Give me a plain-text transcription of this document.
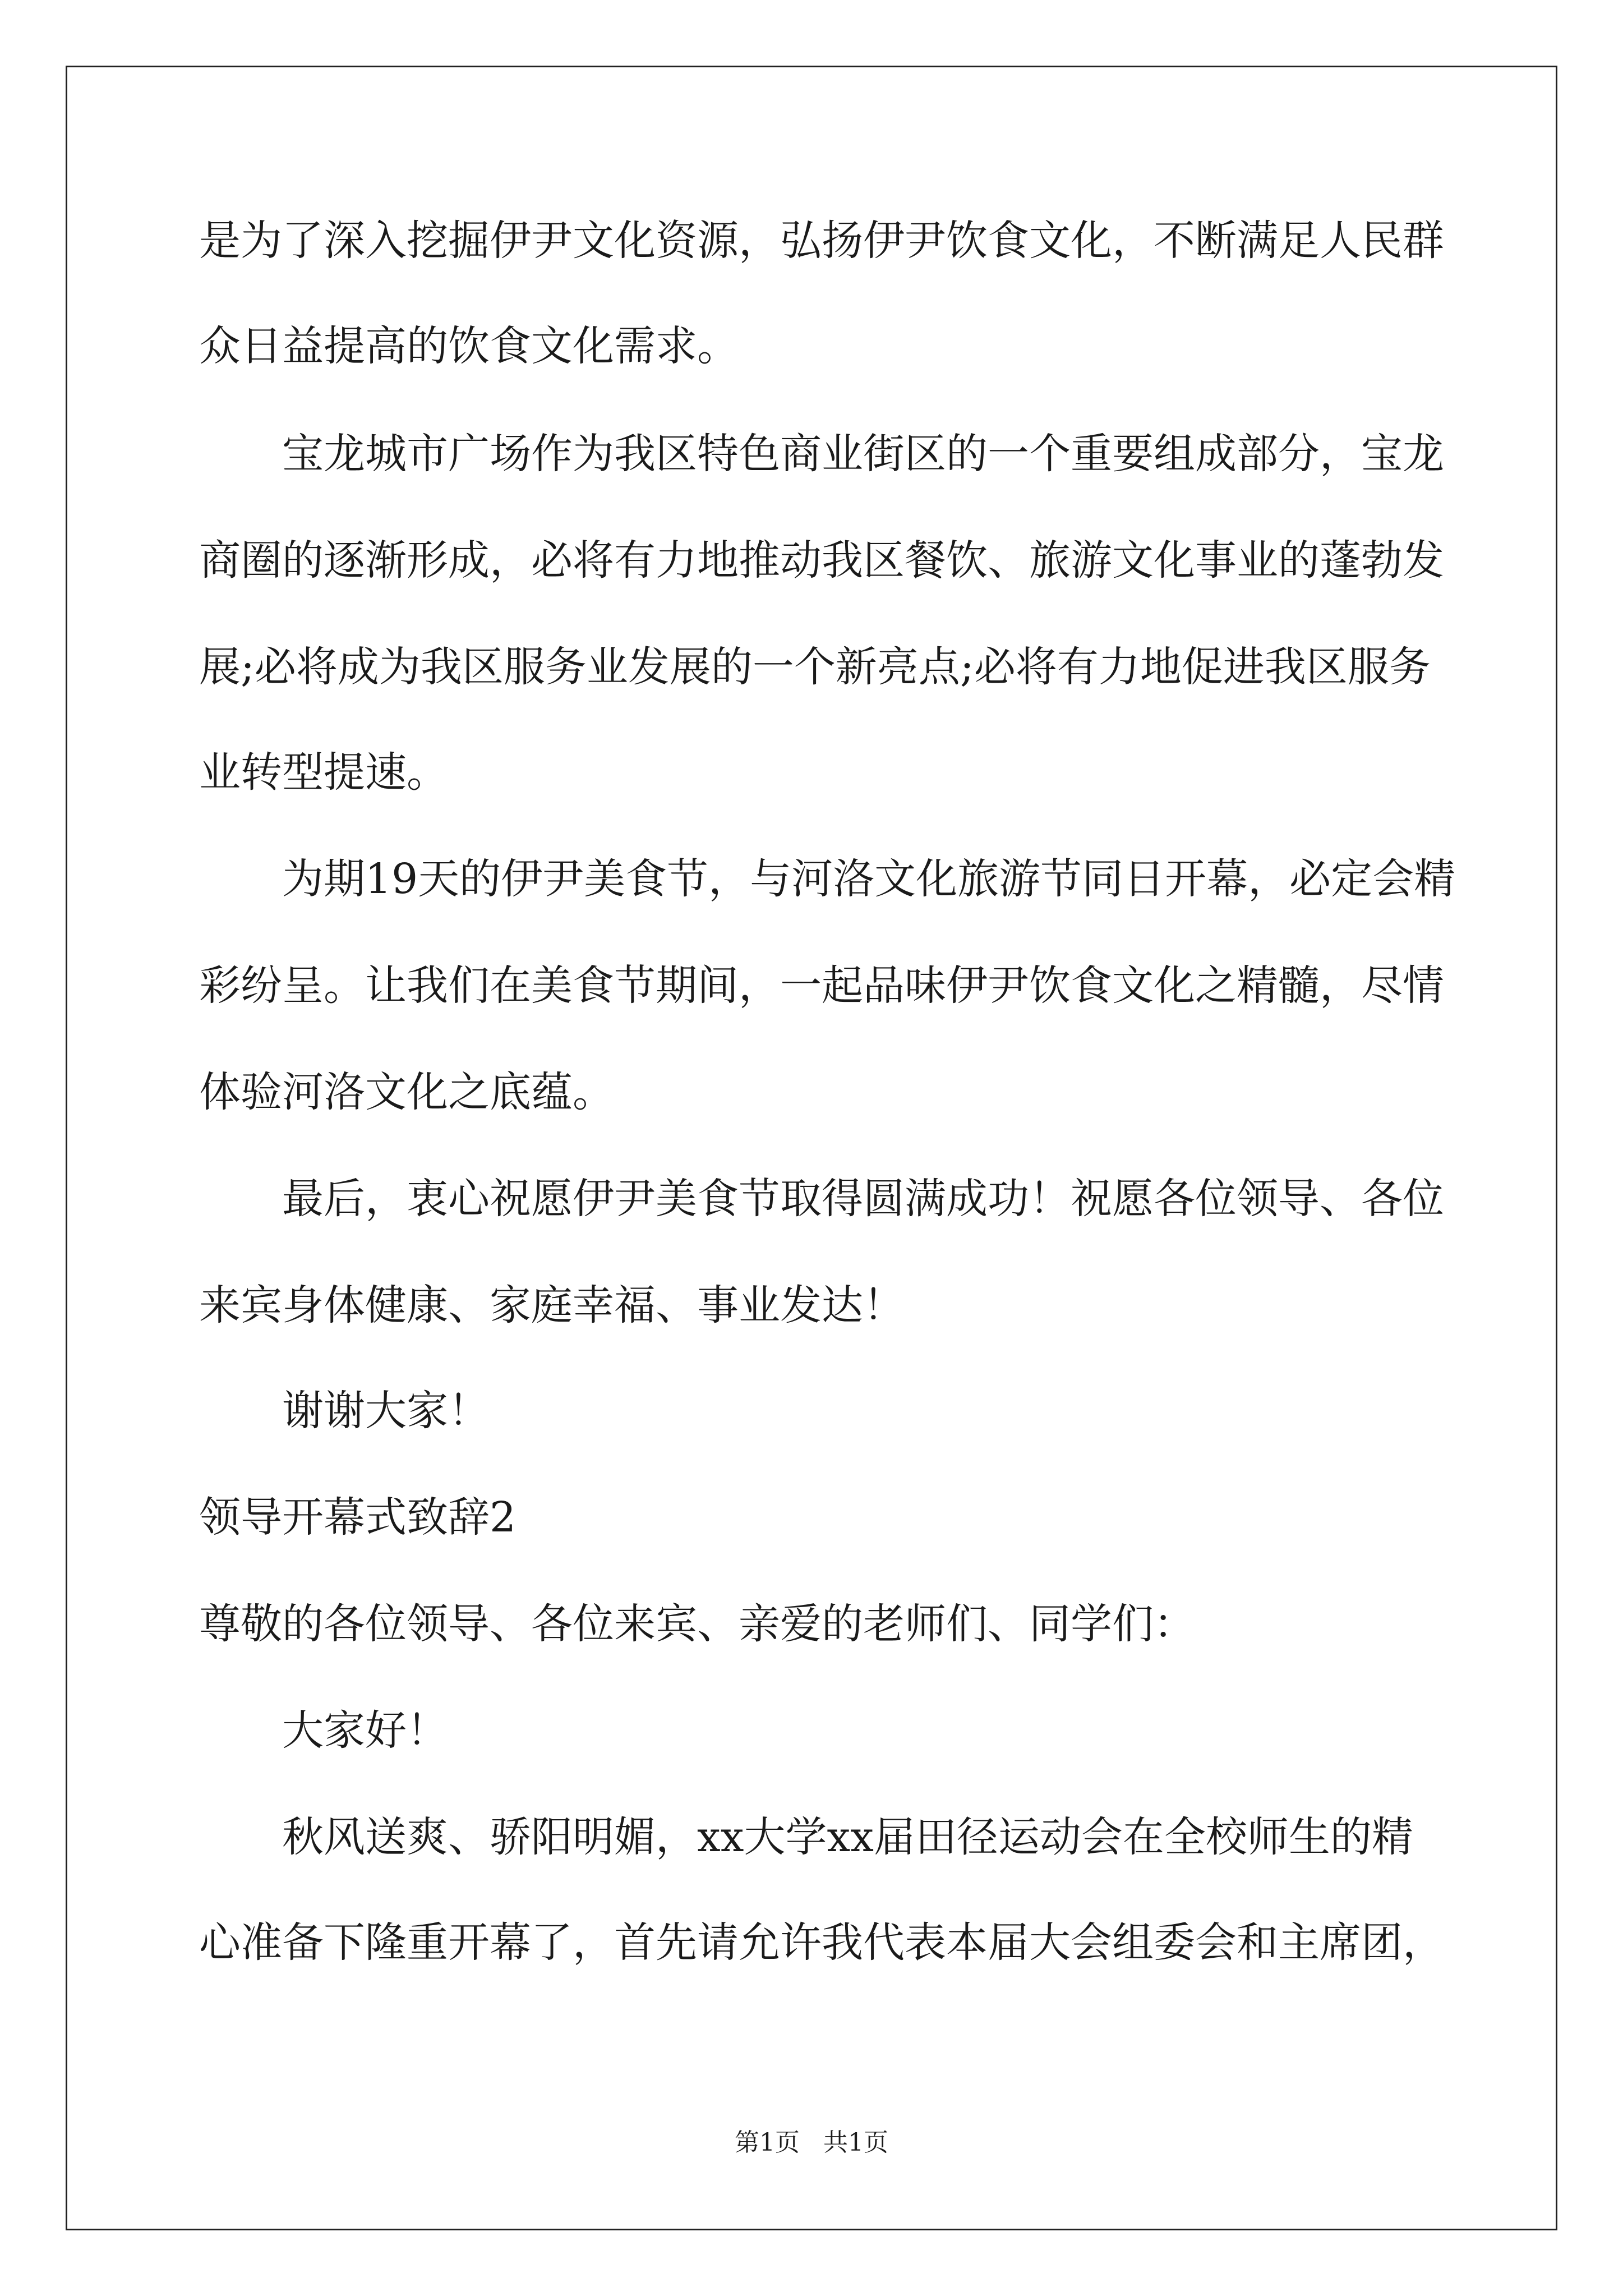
是为了深入挖掘伊尹文化资源，弘扬伊尹饮食文化，不断满足人民群

众日益提高的饮食文化需求。

宝龙城市广场作为我区特色商业街区的一个重要组成部分，宝龙

商圈的逐渐形成，必将有力地推动我区餐饮、旅游文化事业的蓬勃发

展;必将成为我区服务业发展的一个新亮点;必将有力地促进我区服务

业转型提速。

为期19天的伊尹美食节，与河洛文化旅游节同日开幕，必定会精

彩纷呈。让我们在美食节期间，一起品味伊尹饮食文化之精髓，尽情

体验河洛文化之底蕴。

最后，衷心祝愿伊尹美食节取得圆满成功！祝愿各位领导、各位

来宾身体健康、家庭幸福、事业发达！

谢谢大家！

领导开幕式致辞2

尊敬的各位领导、各位来宾、亲爱的老师们、同学们：

大家好！

秋风送爽、骄阳明媚，xx大学xx届田径运动会在全校师生的精

心准备下隆重开幕了，首先请允许我代表本届大会组委会和主席团，

第1页   共1页
